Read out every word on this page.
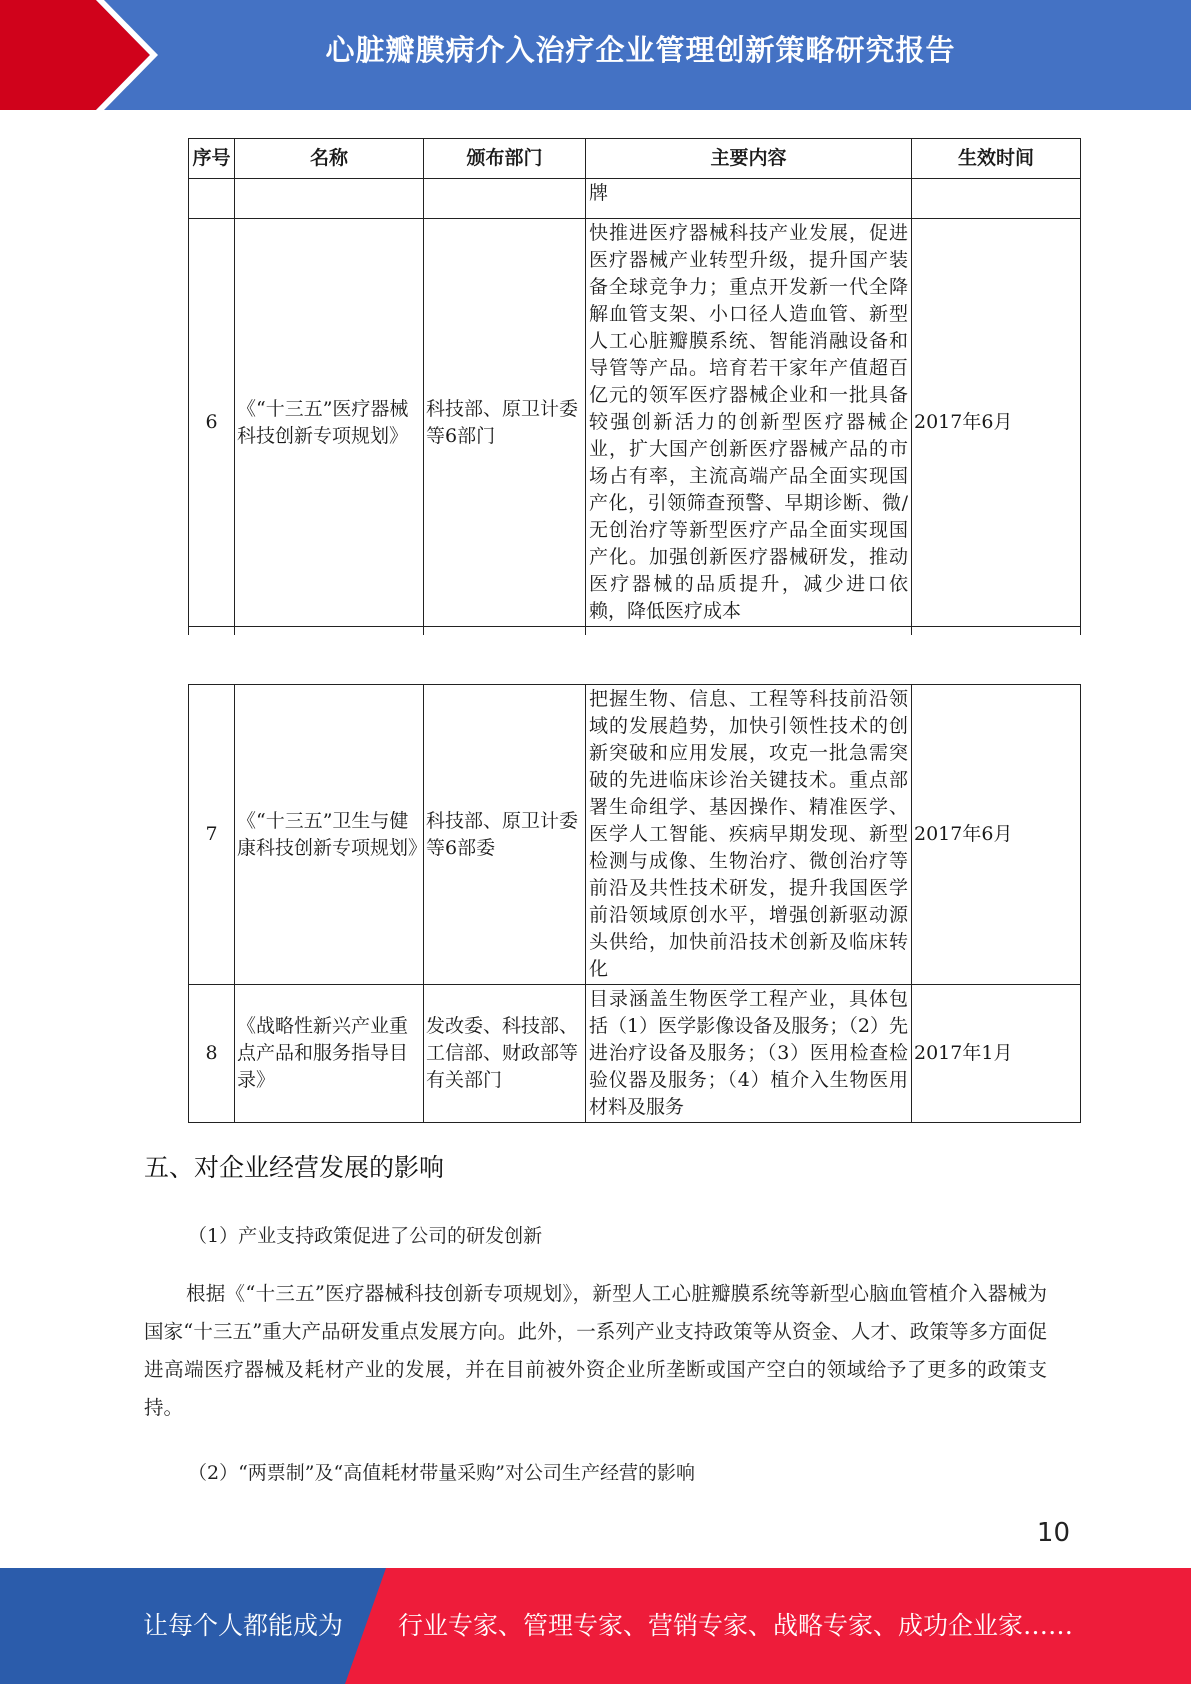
心脏瓣膜病介入治疗企业管理创新策略研究报告
序号	名称	颁布部门	主要内容	生效时间
			牌	
6	《“十三五”医疗器械科技创新专项规划》	科技部、原卫计委等6部门	快推进医疗器械科技产业发展，促进医疗器械产业转型升级，提升国产装备全球竞争力；重点开发新一代全降解血管支架、小口径人造血管、新型人工心脏瓣膜系统、智能消融设备和导管等产品。培育若干家年产值超百亿元的领军医疗器械企业和一批具备较强创新活力的创新型医疗器械企业，扩大国产创新医疗器械产品的市场占有率，主流高端产品全面实现国产化，引领筛查预警、早期诊断、微/无创治疗等新型医疗产品全面实现国产化。加强创新医疗器械研发，推动医疗器械的品质提升，减少进口依赖，降低医疗成本	2017年6月

7	《“十三五”卫生与健康科技创新专项规划》	科技部、原卫计委等6部委	把握生物、信息、工程等科技前沿领域的发展趋势，加快引领性技术的创新突破和应用发展，攻克一批急需突破的先进临床诊治关键技术。重点部署生命组学、基因操作、精准医学、医学人工智能、疾病早期发现、新型检测与成像、生物治疗、微创治疗等前沿及共性技术研发，提升我国医学前沿领域原创水平，增强创新驱动源头供给，加快前沿技术创新及临床转化	2017年6月
8	《战略性新兴产业重点产品和服务指导目录》	发改委、科技部、工信部、财政部等有关部门	目录涵盖生物医学工程产业，具体包括（1）医学影像设备及服务；（2）先进治疗设备及服务；（3）医用检查检验仪器及服务；（4）植介入生物医用材料及服务	2017年1月
五、对企业经营发展的影响
（1）产业支持政策促进了公司的研发创新
根据《“十三五”医疗器械科技创新专项规划》，新型人工心脏瓣膜系统等新型心脑血管植介入器械为国家“十三五”重大产品研发重点发展方向。此外，一系列产业支持政策等从资金、人才、政策等多方面促进高端医疗器械及耗材产业的发展，并在目前被外资企业所垄断或国产空白的领域给予了更多的政策支持。
（2）“两票制”及“高值耗材带量采购”对公司生产经营的影响
10
让每个人都能成为 行业专家、管理专家、营销专家、战略专家、成功企业家……
